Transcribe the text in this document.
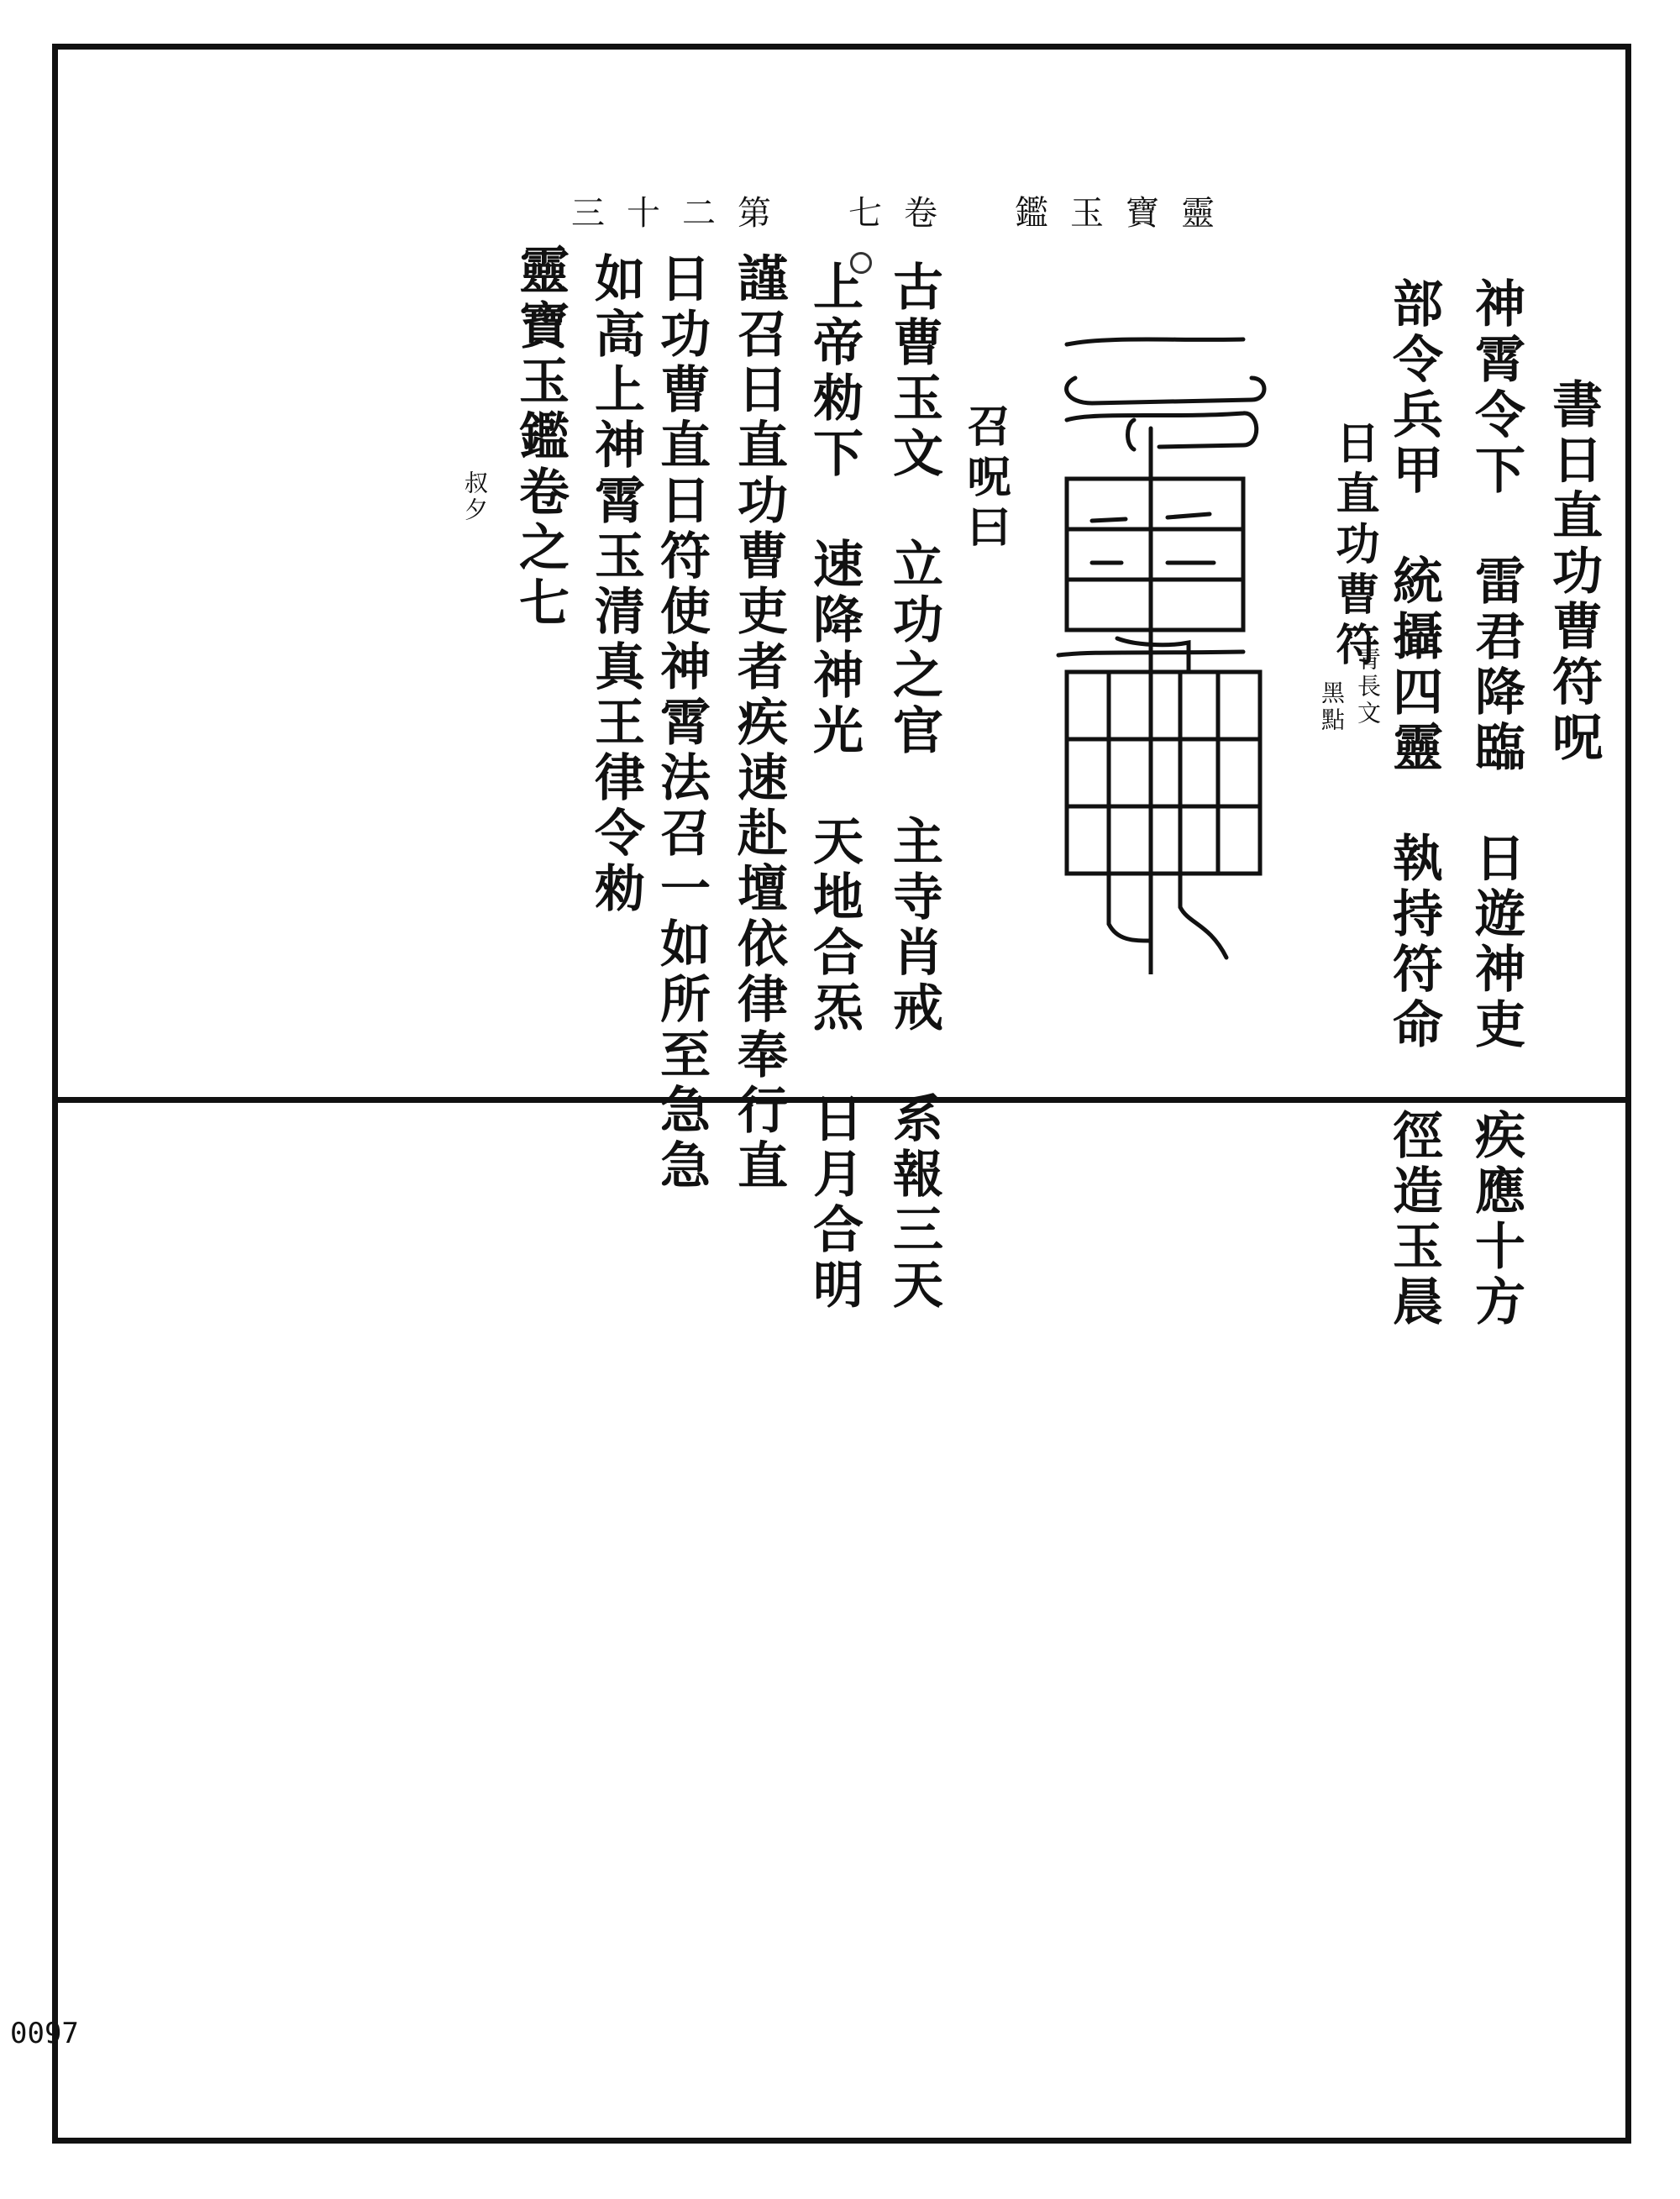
0097
靈寶玉鑑　卷七　第二十三
書日直功曹符呪
神霄令下　雷君降臨　日遊神吏　疾應十方
部令兵甲　統攝四靈　執持符命　徑造玉晨
日直功曹符
青長文
黑點
召呪曰
古曹玉文　立功之官　主寺肖戒　系報三天
上帝勑下　速降神光　天地合炁　日月合明
謹召日直功曹吏者疾速赴壇依律奉行直
日功曹直日符使神霄法召一如所至急急
如高上神霄玉清真王律令勑
靈寶玉鑑卷之七
叔夕
